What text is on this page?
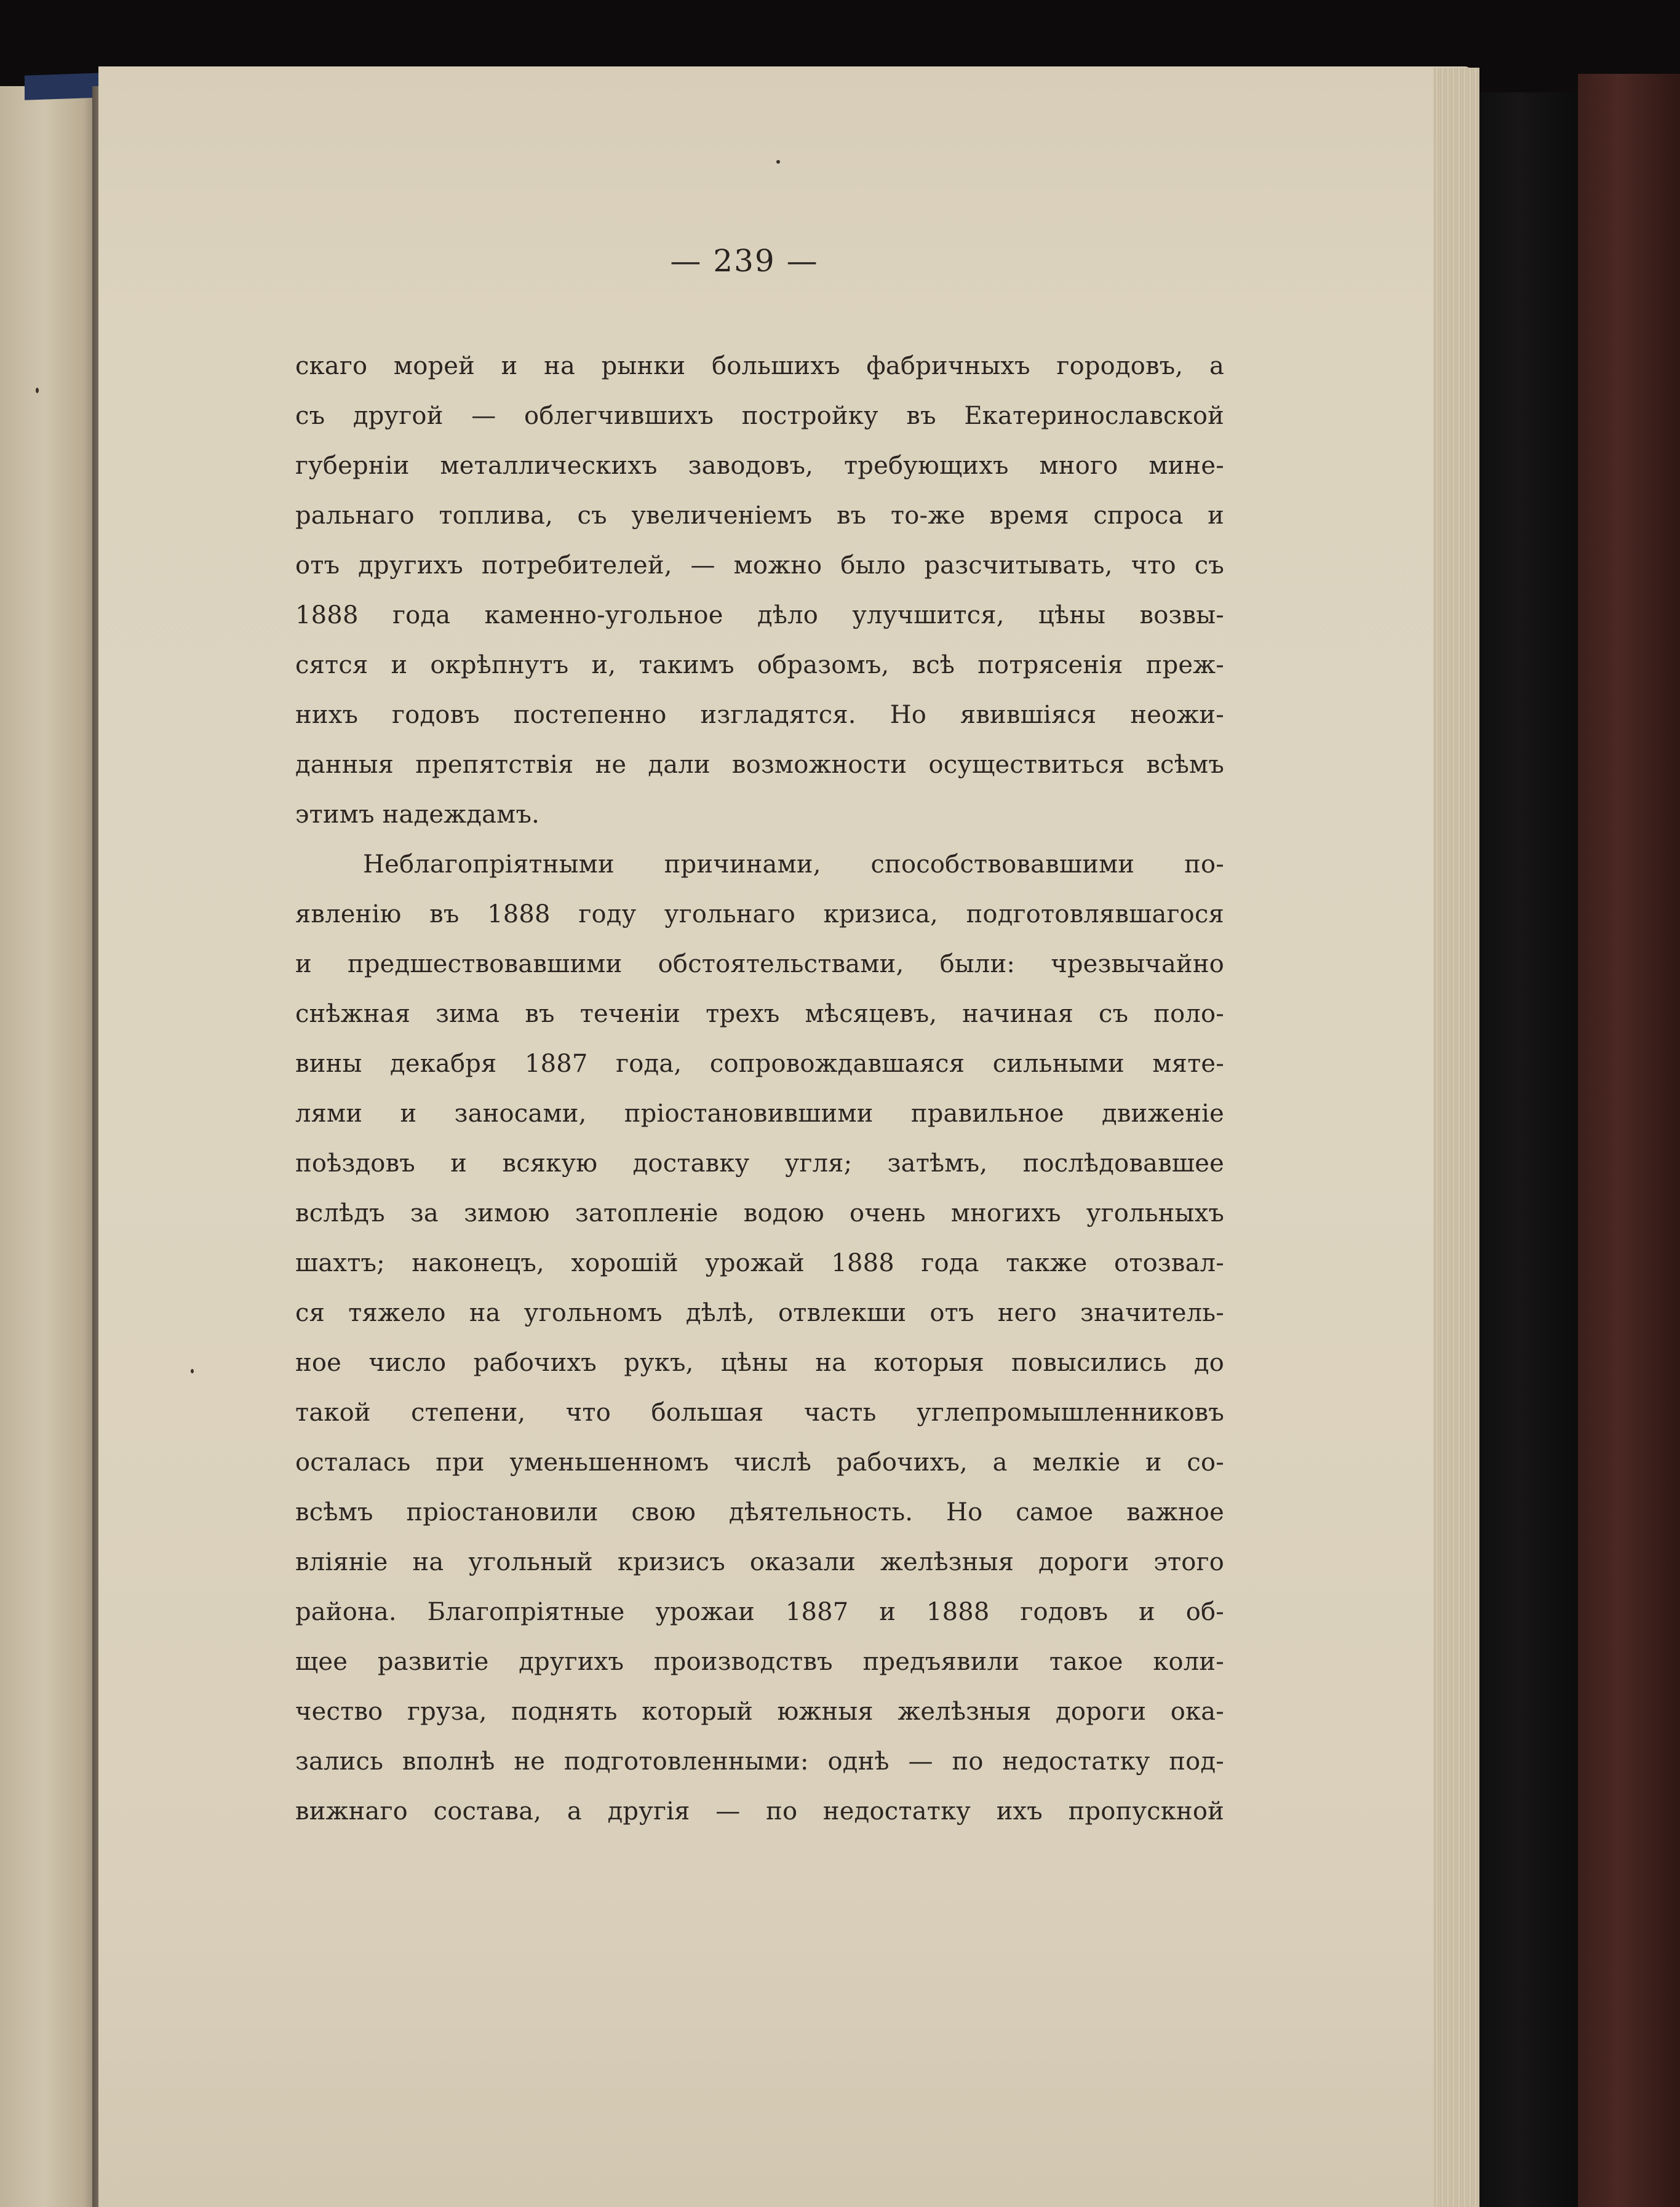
— 239 —
скаго морей и на рынки большихъ фабричныхъ городовъ, а
съ другой — облегчившихъ постройку въ Екатеринославской
губерніи металлическихъ заводовъ, требующихъ много мине-
ральнаго топлива, съ увеличеніемъ въ то-же время спроса и
отъ другихъ потребителей, — можно было разсчитывать, что съ
1888 года каменно-угольное дѣло улучшится, цѣны возвы-
сятся и окрѣпнутъ и, такимъ образомъ, всѣ потрясенія преж-
нихъ годовъ постепенно изгладятся. Но явившіяся неожи-
данныя препятствія не дали возможности осуществиться всѣмъ
этимъ надеждамъ.
Неблагопріятными причинами, способствовавшими по-
явленію въ 1888 году угольнаго кризиса, подготовлявшагося
и предшествовавшими обстоятельствами, были: чрезвычайно
снѣжная зима въ теченіи трехъ мѣсяцевъ, начиная съ поло-
вины декабря 1887 года, сопровождавшаяся сильными мяте-
лями и заносами, пріостановившими правильное движеніе
поѣздовъ и всякую доставку угля; затѣмъ, послѣдовавшее
вслѣдъ за зимою затопленіе водою очень многихъ угольныхъ
шахтъ; наконецъ, хорошій урожай 1888 года также отозвал-
ся тяжело на угольномъ дѣлѣ, отвлекши отъ него значитель-
ное число рабочихъ рукъ, цѣны на которыя повысились до
такой степени, что большая часть углепромышленниковъ
осталась при уменьшенномъ числѣ рабочихъ, а мелкіе и со-
всѣмъ пріостановили свою дѣятельность. Но самое важное
вліяніе на угольный кризисъ оказали желѣзныя дороги этого
района. Благопріятные урожаи 1887 и 1888 годовъ и об-
щее развитіе другихъ производствъ предъявили такое коли-
чество груза, поднять который южныя желѣзныя дороги ока-
зались вполнѣ не подготовленными: однѣ — по недостатку под-
вижнаго состава, а другія — по недостатку ихъ пропускной
